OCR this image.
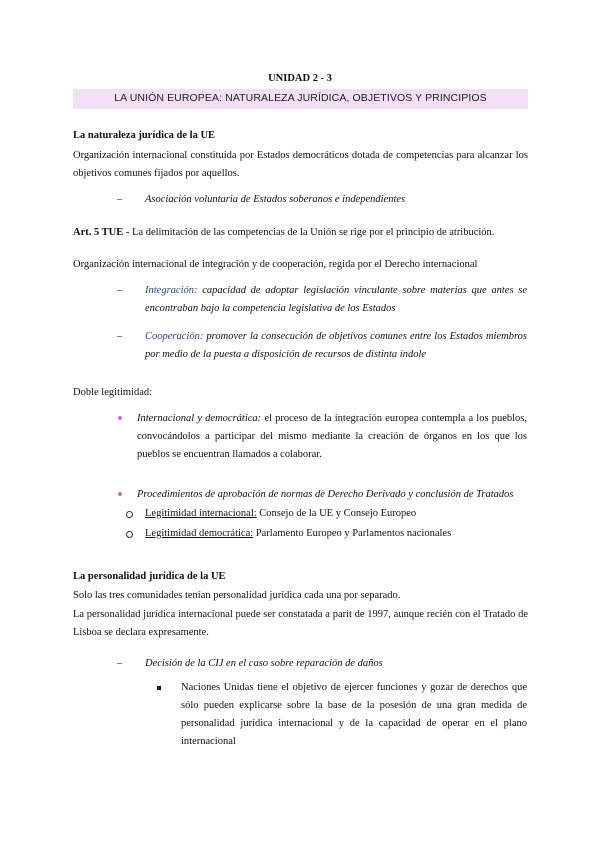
UNIDAD 2 - 3
LA UNIÓN EUROPEA: NATURALEZA JURÍDICA, OBJETIVOS Y PRINCIPIOS
La naturaleza jurídica de la UE
Organización internacional constituida por Estados democráticos dotada de competencias para alcanzar los objetivos comunes fijados por aquellos.
– Asociación voluntaria de Estados soberanos e independientes
Art. 5 TUE - La delimitación de las competencias de la Unión se rige por el principio de atribución.
Organización internacional de integración y de cooperación, regida por el Derecho internacional
– Integración: capacidad de adoptar legislación vinculante sobre materias que antes se encontraban bajo la competencia legislativa de los Estados
– Cooperación: promover la consecución de objetivos comunes entre los Estados miembros por medio de la puesta a disposición de recursos de distinta índole
Doble legitimidad:
Internacional y democrática: el proceso de la integración europea contempla a los pueblos, convocándolos a participar del mismo mediante la creación de órganos en los que los pueblos se encuentran llamados a colaborar.
Procedimientos de aprobación de normas de Derecho Derivado y conclusión de Tratados
Legitimidad internacional: Consejo de la UE y Consejo Europeo
Legitimidad democrática: Parlamento Europeo y Parlamentos nacionales
La personalidad jurídica de la UE
Solo las tres comunidades tenían personalidad jurídica cada una por separado.
La personalidad jurídica internacional puede ser constatada a parit de 1997, aunque recién con el Tratado de Lisboa se declara expresamente.
– Decisión de la CIJ en el caso sobre reparación de daños
Naciones Unidas tiene el objetivo de ejercer funciones y gozar de derechos que sólo pueden explicarse sobre la base de la posesión de una gran medida de personalidad jurídica internacional y de la capacidad de operar en el plano internacional
